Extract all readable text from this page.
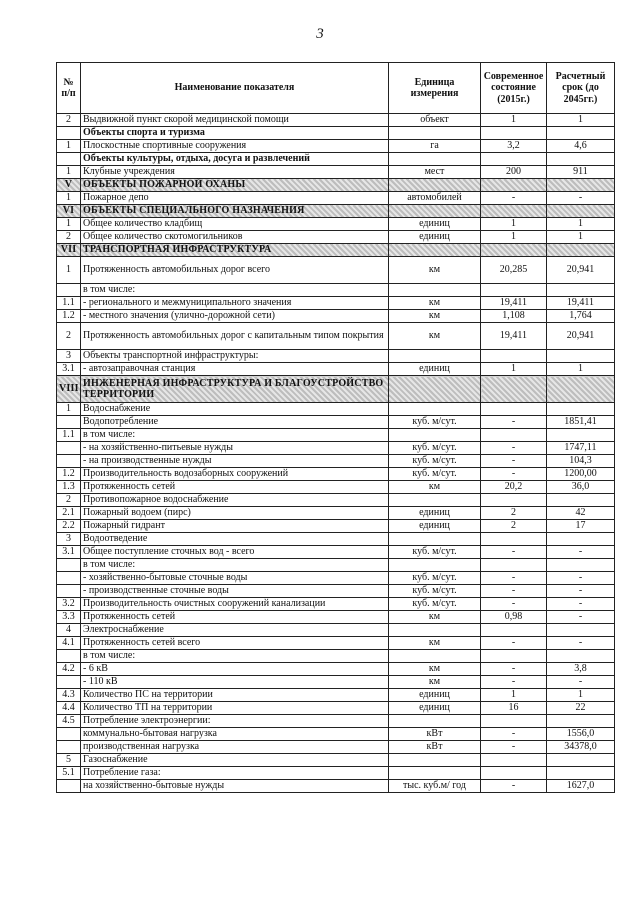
3
№ п/п	Наименование показателя	Единица измерения	Современное состояние (2015г.)	Расчетный срок (до 2045гг.)
2	Выдвижной пункт скорой медицинской помощи	объект	1	1
	Объекты спорта и туризма			
1	Плоскостные спортивные сооружения	га	3,2	4,6
	Объекты культуры, отдыха, досуга и развлечений			
1	Клубные учреждения	мест	200	911
V	ОБЪЕКТЫ ПОЖАРНОЙ ОХАНЫ			
1	Пожарное депо	автомобилей	-	-
VI	ОБЪЕКТЫ СПЕЦИАЛЬНОГО НАЗНАЧЕНИЯ			
1	Общее количество кладбищ	единиц	1	1
2	Общее количество скотомогильников	единиц	1	1
VII	ТРАНСПОРТНАЯ ИНФРАСТРУКТУРА			
1	Протяженность автомобильных дорог всего	км	20,285	20,941
	в том числе:			
1.1	- регионального и межмуниципального значения	км	19,411	19,411
1.2	- местного значения (улично-дорожной сети)	км	1,108	1,764
2	Протяженность автомобильных дорог с капитальным типом покрытия	км	19,411	20,941
3	Объекты транспортной инфраструктуры:			
3.1	- автозаправочная станция	единиц	1	1
VIII	ИНЖЕНЕРНАЯ ИНФРАСТРУКТУРА И БЛАГОУСТРОЙСТВО ТЕРРИТОРИИ			
1	Водоснабжение			
	Водопотребление	куб. м/сут.	-	1851,41
1.1	в том числе:			
	- на хозяйственно-питьевые нужды	куб. м/сут.	-	1747,11
	- на производственные нужды	куб. м/сут.	-	104,3
1.2	Производительность водозаборных сооружений	куб. м/сут.	-	1200,00
1.3	Протяженность сетей	км	20,2	36,0
2	Противопожарное водоснабжение			
2.1	Пожарный водоем (пирс)	единиц	2	42
2.2	Пожарный гидрант	единиц	2	17
3	Водоотведение			
3.1	Общее поступление сточных вод - всего	куб. м/сут.	-	-
	в том числе:			
	- хозяйственно-бытовые сточные воды	куб. м/сут.	-	-
	- производственные сточные воды	куб. м/сут.	-	-
3.2	Производительность очистных сооружений канализации	куб. м/сут.	-	-
3.3	Протяженность сетей	км	0,98	-
4	Электроснабжение			
4.1	Протяженность сетей всего	км	-	-
	в том числе:			
4.2	- 6 кВ	км	-	3,8
	- 110 кВ	км	-	-
4.3	Количество ПС на территории	единиц	1	1
4.4	Количество ТП на территории	единиц	16	22
4.5	Потребление электроэнергии:			
	коммунально-бытовая нагрузка	кВт	-	1556,0
	производственная нагрузка	кВт	-	34378,0
5	Газоснабжение			
5.1	Потребление газа:			
	на хозяйственно-бытовые нужды	тыс. куб.м/ год	-	1627,0
